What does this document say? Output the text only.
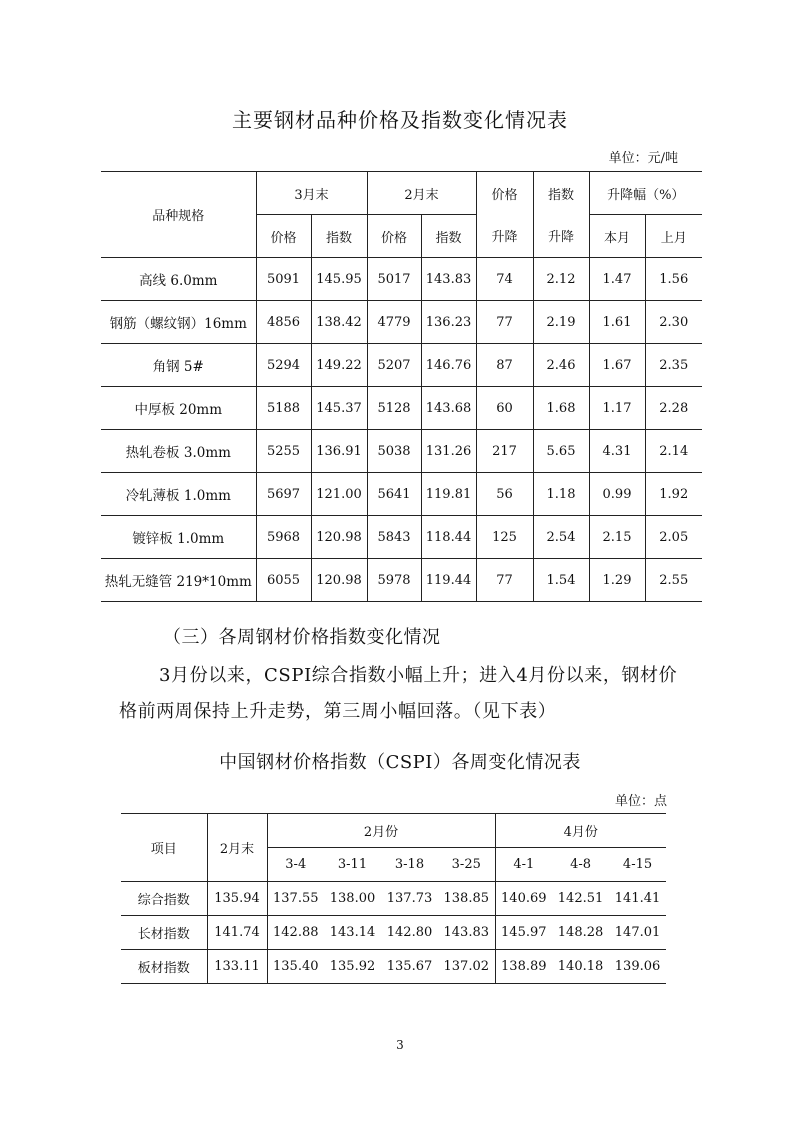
主要钢材品种价格及指数变化情况表
单位：元/吨
品种规格	3月末		2月末		价格	指数	升降幅（%）	
	价格	指数	价格	指数	升降	升降	本月	上月
高线 6.0mm	5091	145.95	5017	143.83	74	2.12	1.47	1.56
钢筋（螺纹钢）16mm	4856	138.42	4779	136.23	77	2.19	1.61	2.30
角钢 5#	5294	149.22	5207	146.76	87	2.46	1.67	2.35
中厚板 20mm	5188	145.37	5128	143.68	60	1.68	1.17	2.28
热轧卷板 3.0mm	5255	136.91	5038	131.26	217	5.65	4.31	2.14
冷轧薄板 1.0mm	5697	121.00	5641	119.81	56	1.18	0.99	1.92
镀锌板 1.0mm	5968	120.98	5843	118.44	125	2.54	2.15	2.05
热轧无缝管 219*10mm	6055	120.98	5978	119.44	77	1.54	1.29	2.55
（三）各周钢材价格指数变化情况
3月份以来，CSPI综合指数小幅上升；进入4月份以来，钢材价格前两周保持上升走势，第三周小幅回落。（见下表）
中国钢材价格指数（CSPI）各周变化情况表
单位：点
项目	2月末	2月份				4月份		
		3-4	3-11	3-18	3-25	4-1	4-8	4-15
综合指数	135.94	137.55	138.00	137.73	138.85	140.69	142.51	141.41
长材指数	141.74	142.88	143.14	142.80	143.83	145.97	148.28	147.01
板材指数	133.11	135.40	135.92	135.67	137.02	138.89	140.18	139.06
3
